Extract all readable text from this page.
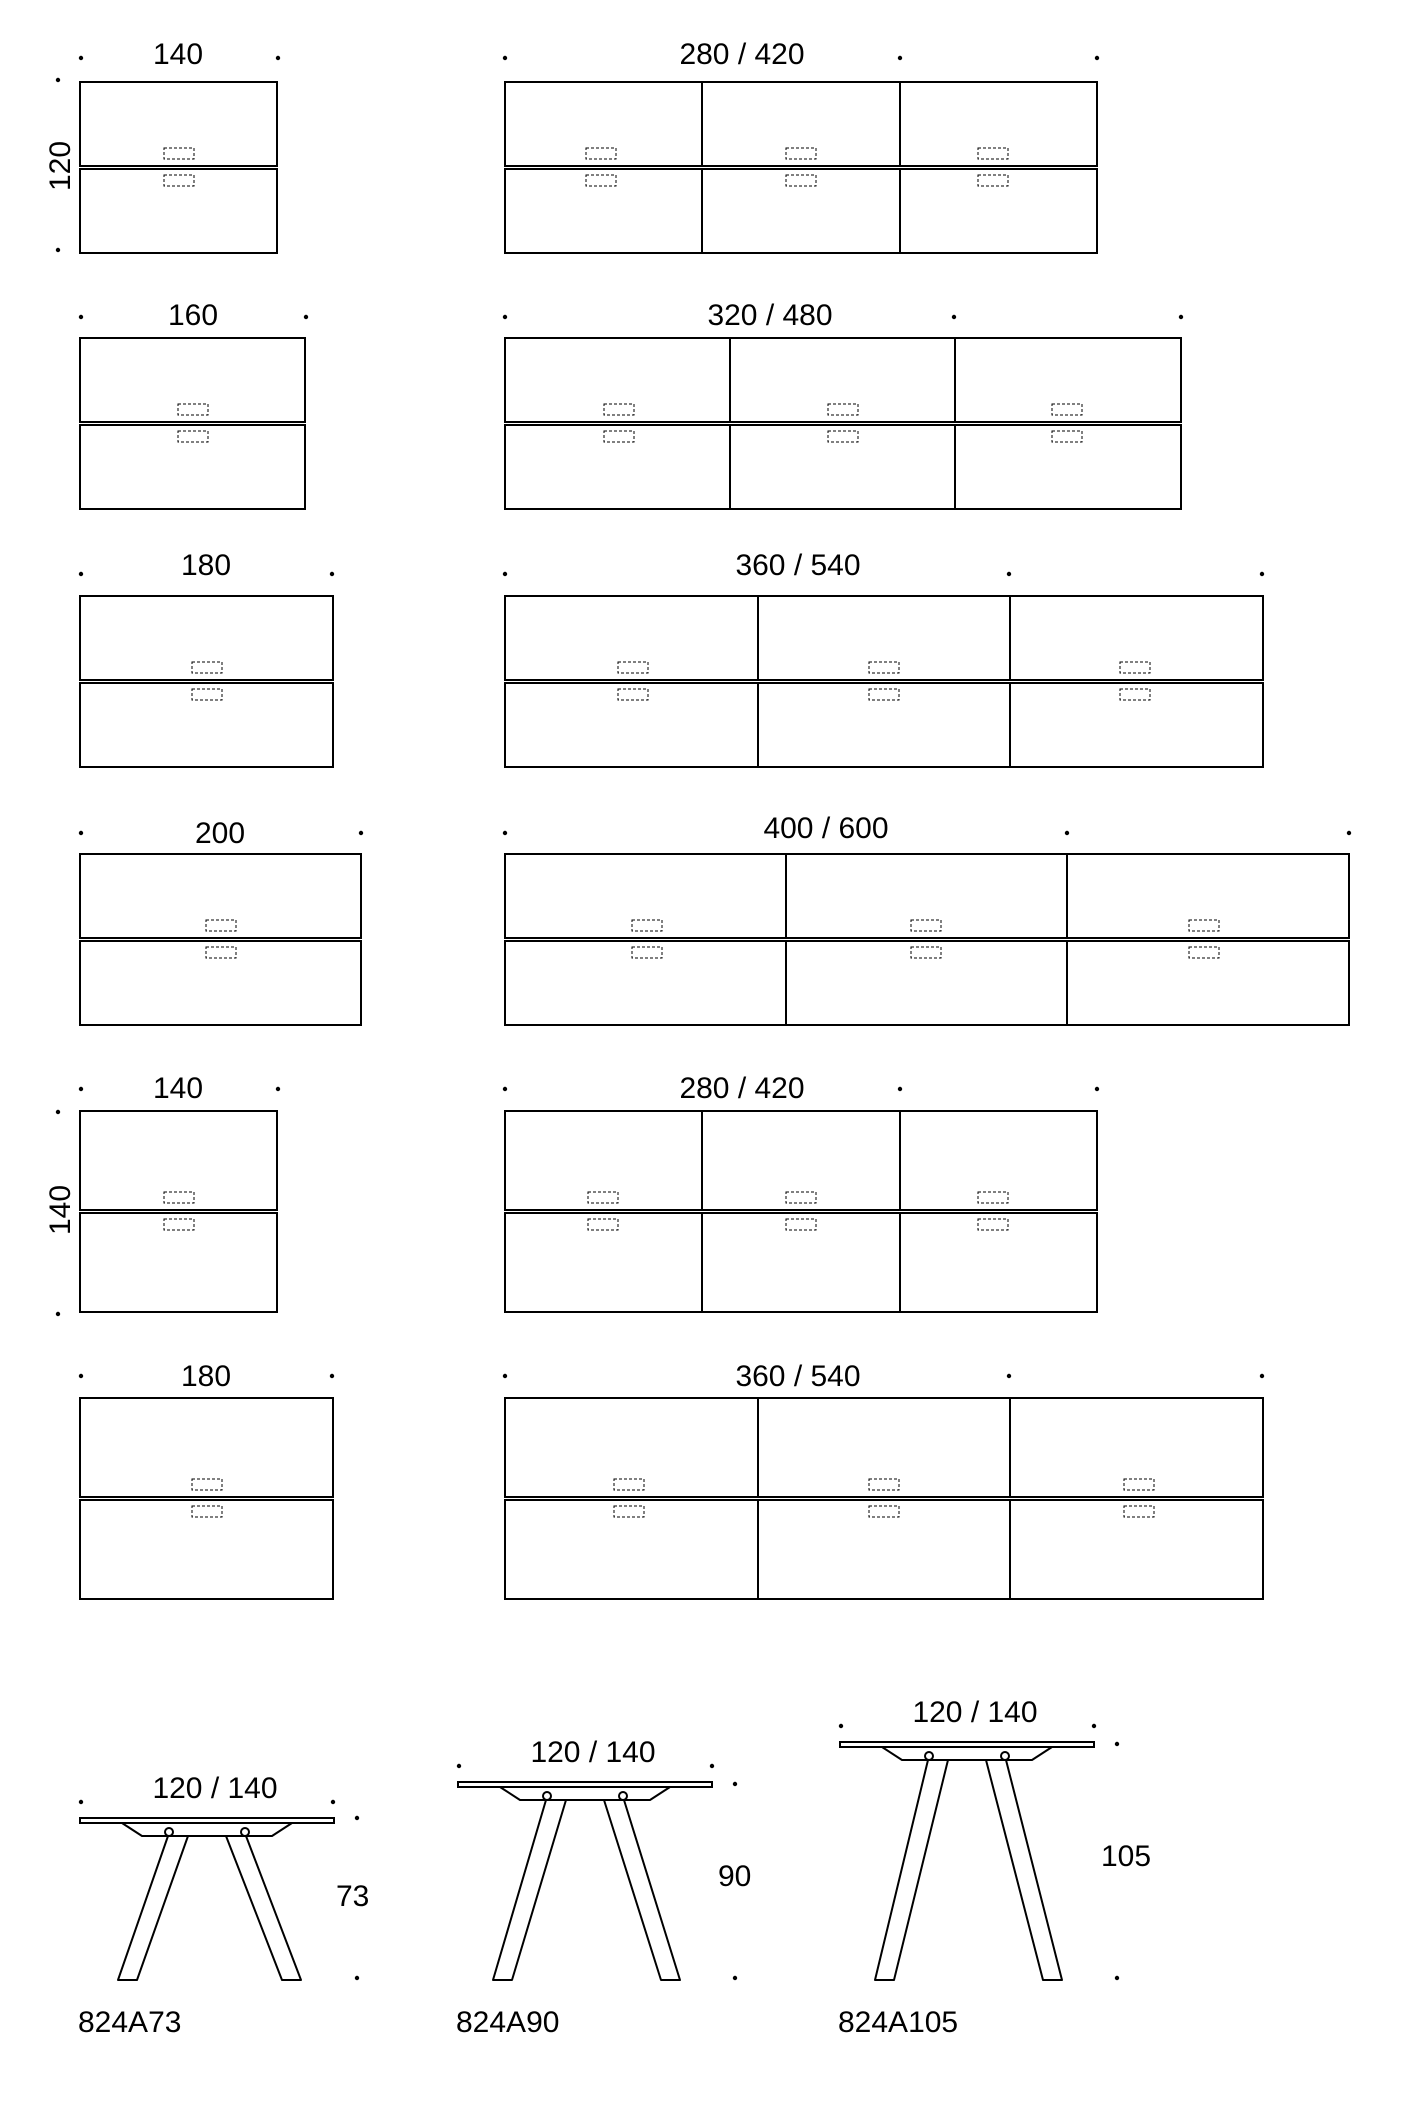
140	280 / 420
120
160	320 / 480
180	360 / 540
200	400 / 600
140	280 / 420
140
180	360 / 540
120 / 140
73
824A73
120 / 140
90
824A90
120 / 140
105
824A105
